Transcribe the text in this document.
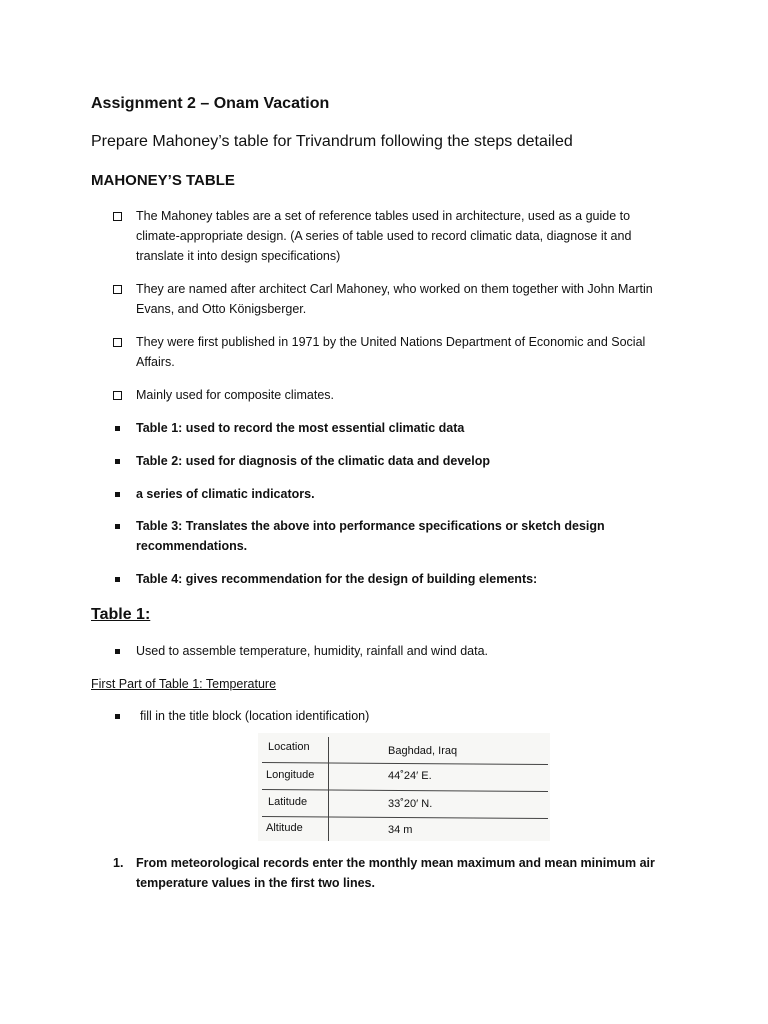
Assignment 2 – Onam Vacation
Prepare Mahoney’s table for Trivandrum following the steps detailed
MAHONEY’S TABLE
The Mahoney tables are a set of reference tables used in architecture, used as a guide to
climate-appropriate design. (A series of table used to record climatic data, diagnose it and
translate it into design specifications)
They are named after architect Carl Mahoney, who worked on them together with John Martin
Evans, and Otto Königsberger.
They were first published in 1971 by the United Nations Department of Economic and Social
Affairs.
Mainly used for composite climates.
Table 1: used to record the most essential climatic data
Table 2: used for diagnosis of the climatic data and develop
a series of climatic indicators.
Table 3: Translates the above into performance specifications or sketch design
recommendations.
Table 4: gives recommendation for the design of building elements:
Table 1:
Used to assemble temperature, humidity, rainfall and wind data.
First Part of Table 1: Temperature
fill in the title block (location identification)
Location	Baghdad, Iraq
Longitude	44˚24′ E.
Latitude	33˚20′ N.
Altitude	34 m
1. From meteorological records enter the monthly mean maximum and mean minimum air
temperature values in the first two lines.
